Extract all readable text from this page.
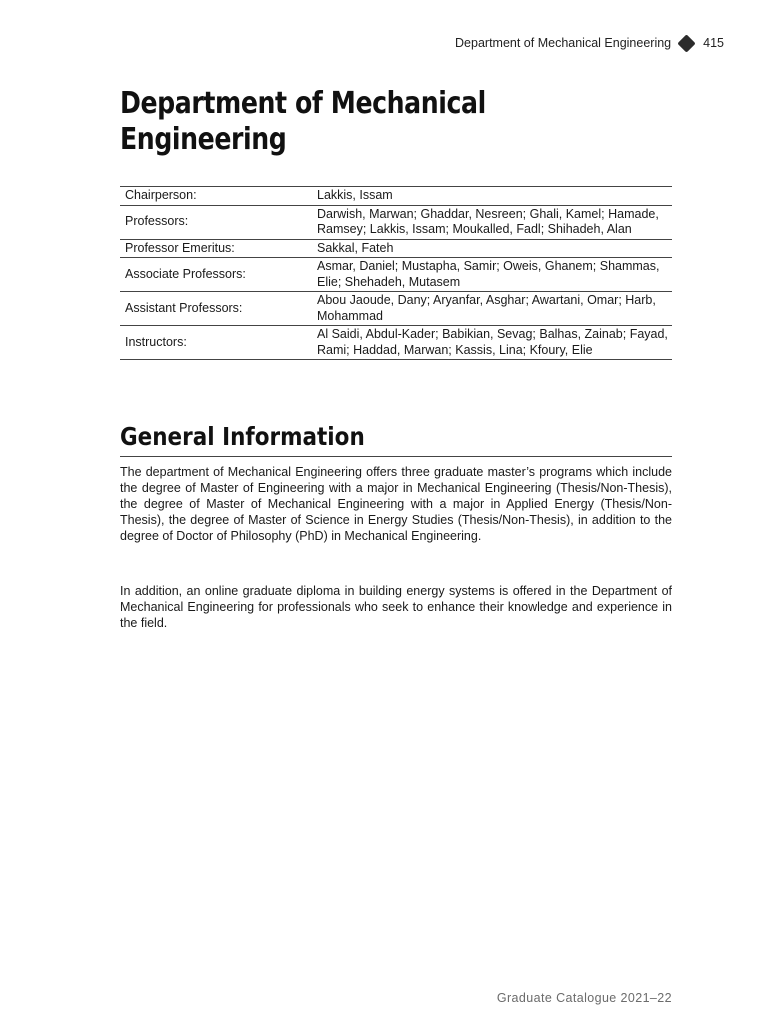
Department of Mechanical Engineering	415
Department of Mechanical
Engineering
Chairperson:	Lakkis, Issam
Professors:	Darwish, Marwan; Ghaddar, Nesreen; Ghali, Kamel; Hamade, Ramsey; Lakkis, Issam; Moukalled, Fadl; Shihadeh, Alan
Professor Emeritus:	Sakkal, Fateh
Associate Professors:	Asmar, Daniel; Mustapha, Samir; Oweis, Ghanem; Shammas, Elie; Shehadeh, Mutasem
Assistant Professors:	Abou Jaoude, Dany; Aryanfar, Asghar; Awartani, Omar; Harb, Mohammad
Instructors:	Al Saidi, Abdul-Kader; Babikian, Sevag; Balhas, Zainab; Fayad, Rami; Haddad, Marwan; Kassis, Lina; Kfoury, Elie
General Information

The department of Mechanical Engineering offers three graduate master’s programs which include the degree of Master of Engineering with a major in Mechanical Engineering (Thesis/Non-Thesis), the degree of Master of Mechanical Engineering with a major in Applied Energy (Thesis/Non-Thesis), the degree of Master of Science in Energy Studies (Thesis/Non-Thesis), in addition to the degree of Doctor of Philosophy (PhD) in Mechanical Engineering.

In addition, an online graduate diploma in building energy systems is offered in the Department of Mechanical Engineering for professionals who seek to enhance their knowledge and experience in the field.

Graduate Catalogue 2021–22
